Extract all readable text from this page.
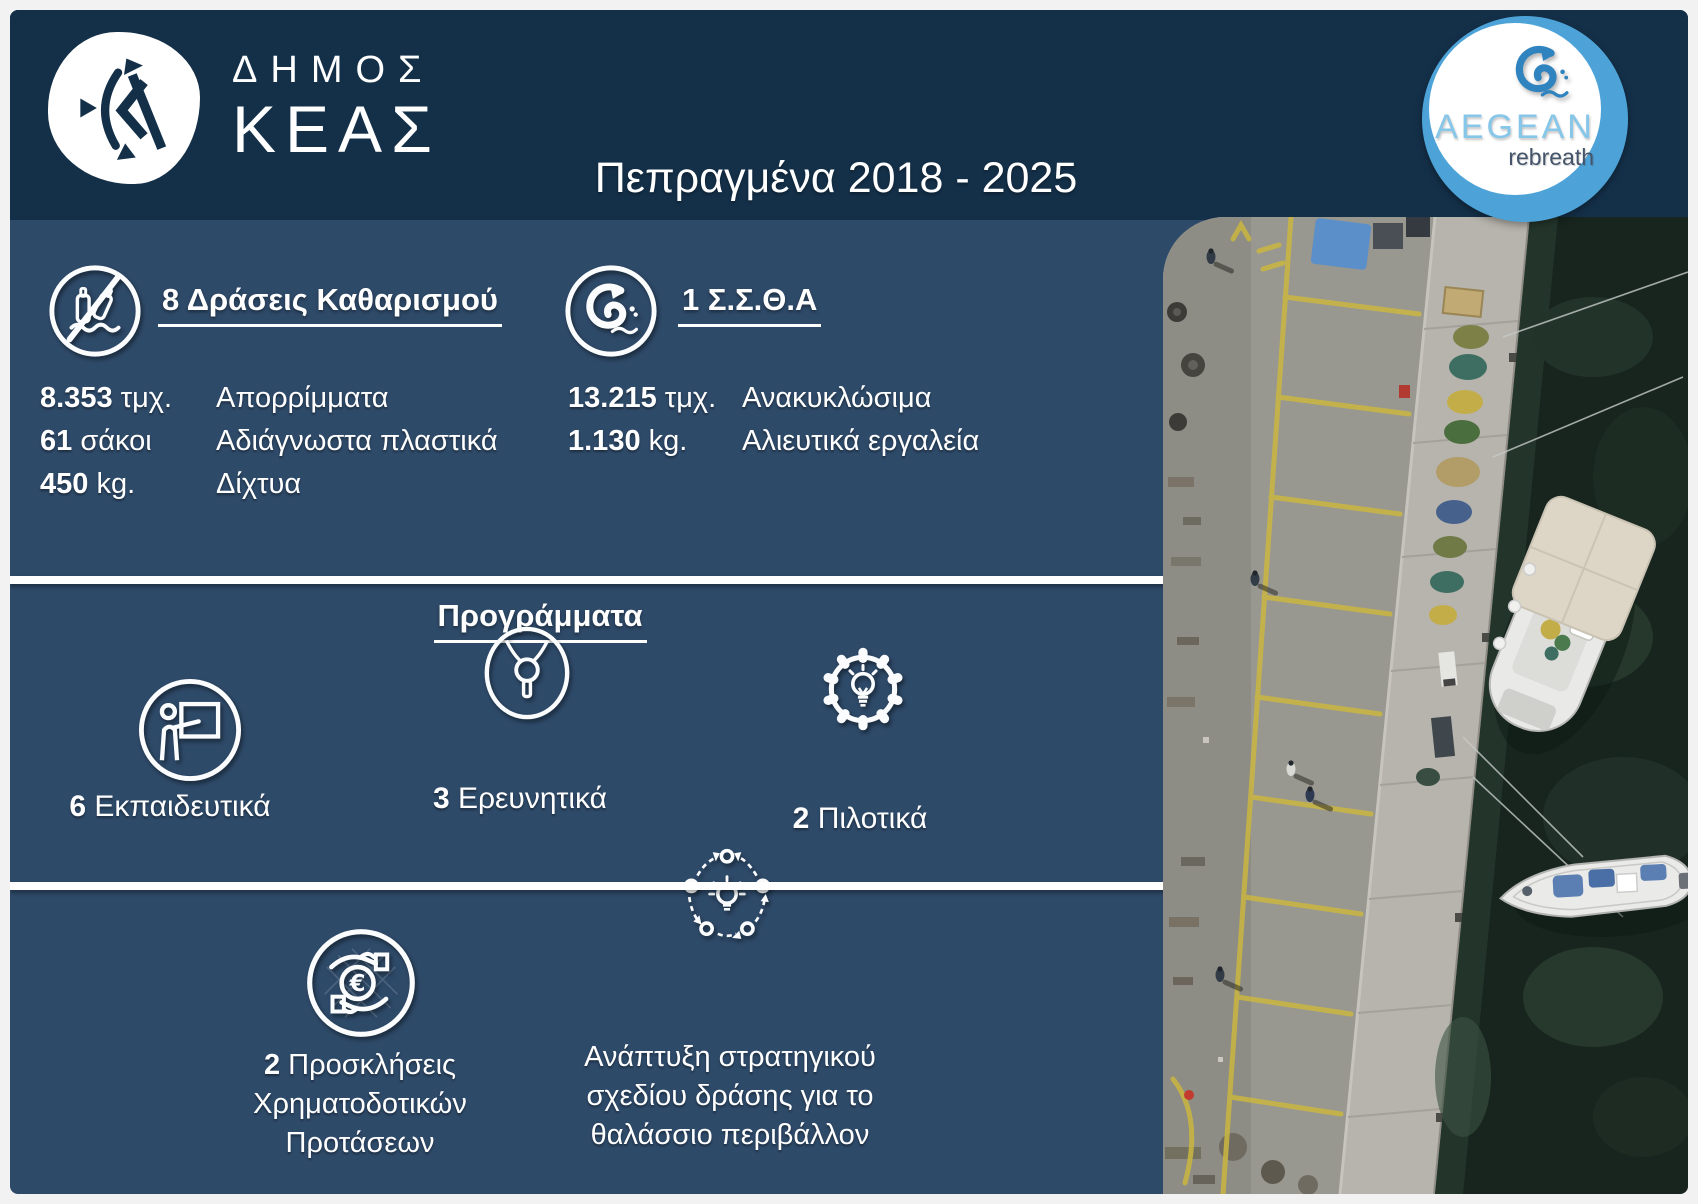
ΔΗΜΟΣ
ΚΕΑΣ
Πεπραγμένα 2018 - 2025
AEGEAN
rebreath
8 Δράσεις Καθαρισμού	1 Σ.Σ.Θ.Α
8.353 τμχ. Απορρίμματα
61 σάκοι Αδιάγνωστα πλαστικά
450 kg.	Δίχτυα
13.215 τμχ. Ανακυκλώσιμα
1.130 kg. Αλιευτικά εργαλεία
Προγράμματα
6 Εκπαιδευτικά	3 Ερευνητικά
2 Πιλοτικά
€
2 Προσκλήσεις
Χρηματοδοτικών
Προτάσεων
Ανάπτυξη στρατηγικού
σχεδίου δράσης για το
θαλάσσιο περιβάλλον
